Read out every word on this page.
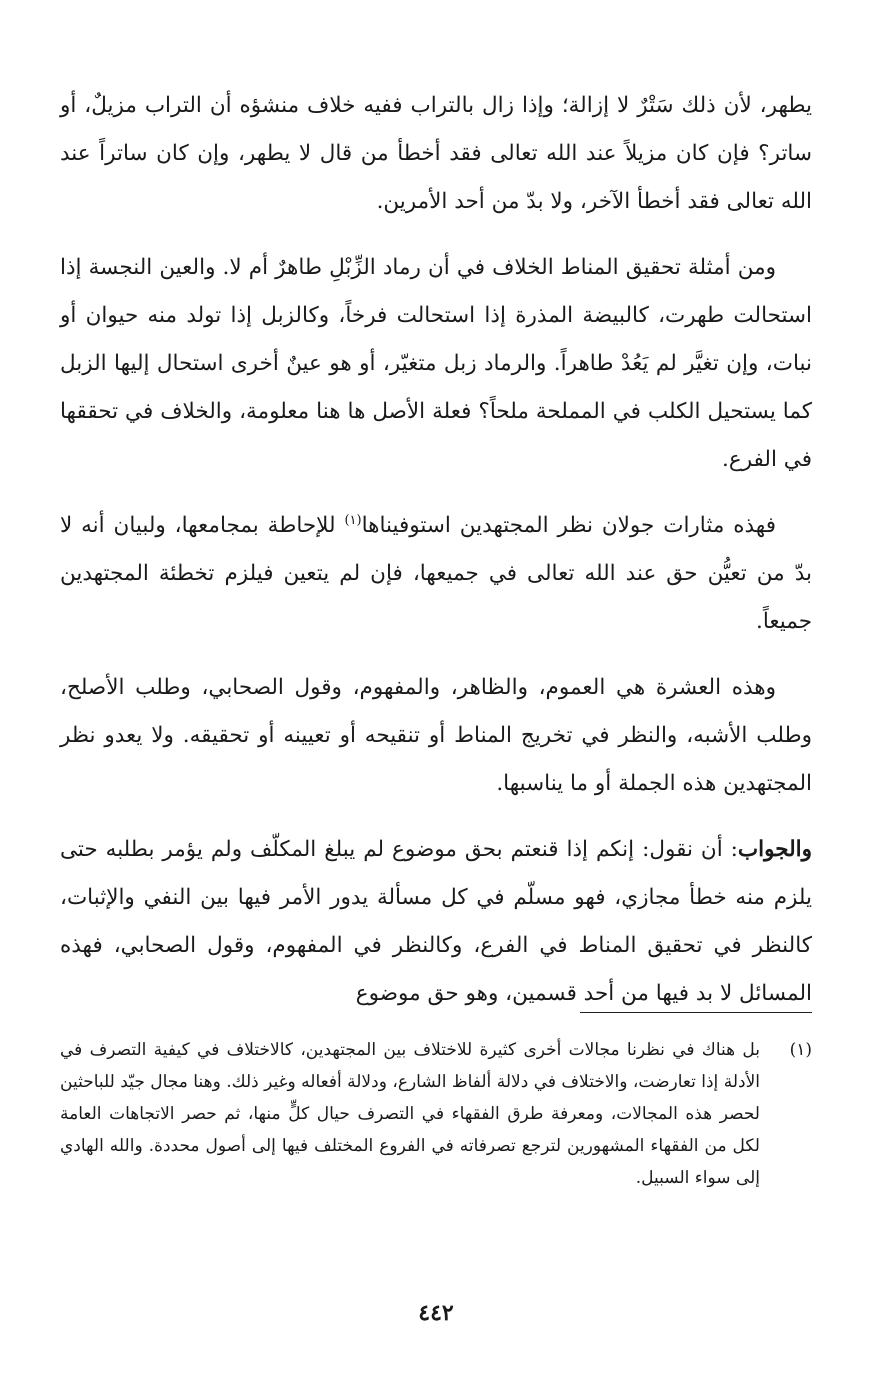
يطهر، لأن ذلك سَتْرٌ لا إزالة؛ وإذا زال بالتراب ففيه خلاف منشؤه أن التراب مزيلٌ، أو ساتر؟ فإن كان مزيلاً عند الله تعالى فقد أخطأ من قال لا يطهر، وإن كان ساتراً عند الله تعالى فقد أخطأ الآخر، ولا بدّ من أحد الأمرين.

ومن أمثلة تحقيق المناط الخلاف في أن رماد الزِّبْلِ طاهرٌ أم لا. والعين النجسة إذا استحالت طهرت، كالبيضة المذرة إذا استحالت فرخاً، وكالزبل إذا تولد منه حيوان أو نبات، وإن تغيَّر لم يَعُدْ طاهراً. والرماد زبل متغيّر، أو هو عينٌ أخرى استحال إليها الزبل كما يستحيل الكلب في المملحة ملحاً؟ فعلة الأصل ها هنا معلومة، والخلاف في تحققها في الفرع.

فهذه مثارات جولان نظر المجتهدين استوفيناها$^{(١)}$ للإحاطة بمجامعها، ولبيان أنه لا بدّ من تعيُّن حق عند الله تعالى في جميعها، فإن لم يتعين فيلزم تخطئة المجتهدين جميعاً.

وهذه العشرة هي العموم، والظاهر، والمفهوم، وقول الصحابي، وطلب الأصلح، وطلب الأشبه، والنظر في تخريج المناط أو تنقيحه أو تعيينه أو تحقيقه. ولا يعدو نظر المجتهدين هذه الجملة أو ما يناسبها.

والجواب: أن نقول: إنكم إذا قنعتم بحق موضوع لم يبلغ المكلّف ولم يؤمر بطلبه حتى يلزم منه خطأ مجازي، فهو مسلّم في كل مسألة يدور الأمر فيها بين النفي والإثبات، كالنظر في تحقيق المناط في الفرع، وكالنظر في المفهوم، وقول الصحابي، فهذه المسائل لا بد فيها من أحد قسمين، وهو حق موضوع

(١)
بل هناك في نظرنا مجالات أخرى كثيرة للاختلاف بين المجتهدين، كالاختلاف في كيفية التصرف في الأدلة إذا تعارضت، والاختلاف في دلالة ألفاظ الشارع، ودلالة أفعاله وغير ذلك. وهنا مجال جيّد للباحثين لحصر هذه المجالات، ومعرفة طرق الفقهاء في التصرف حيال كلٍّ منها، ثم حصر الاتجاهات العامة لكل من الفقهاء المشهورين لترجع تصرفاته في الفروع المختلف فيها إلى أصول محددة. والله الهادي إلى سواء السبيل.
٤٤٢
